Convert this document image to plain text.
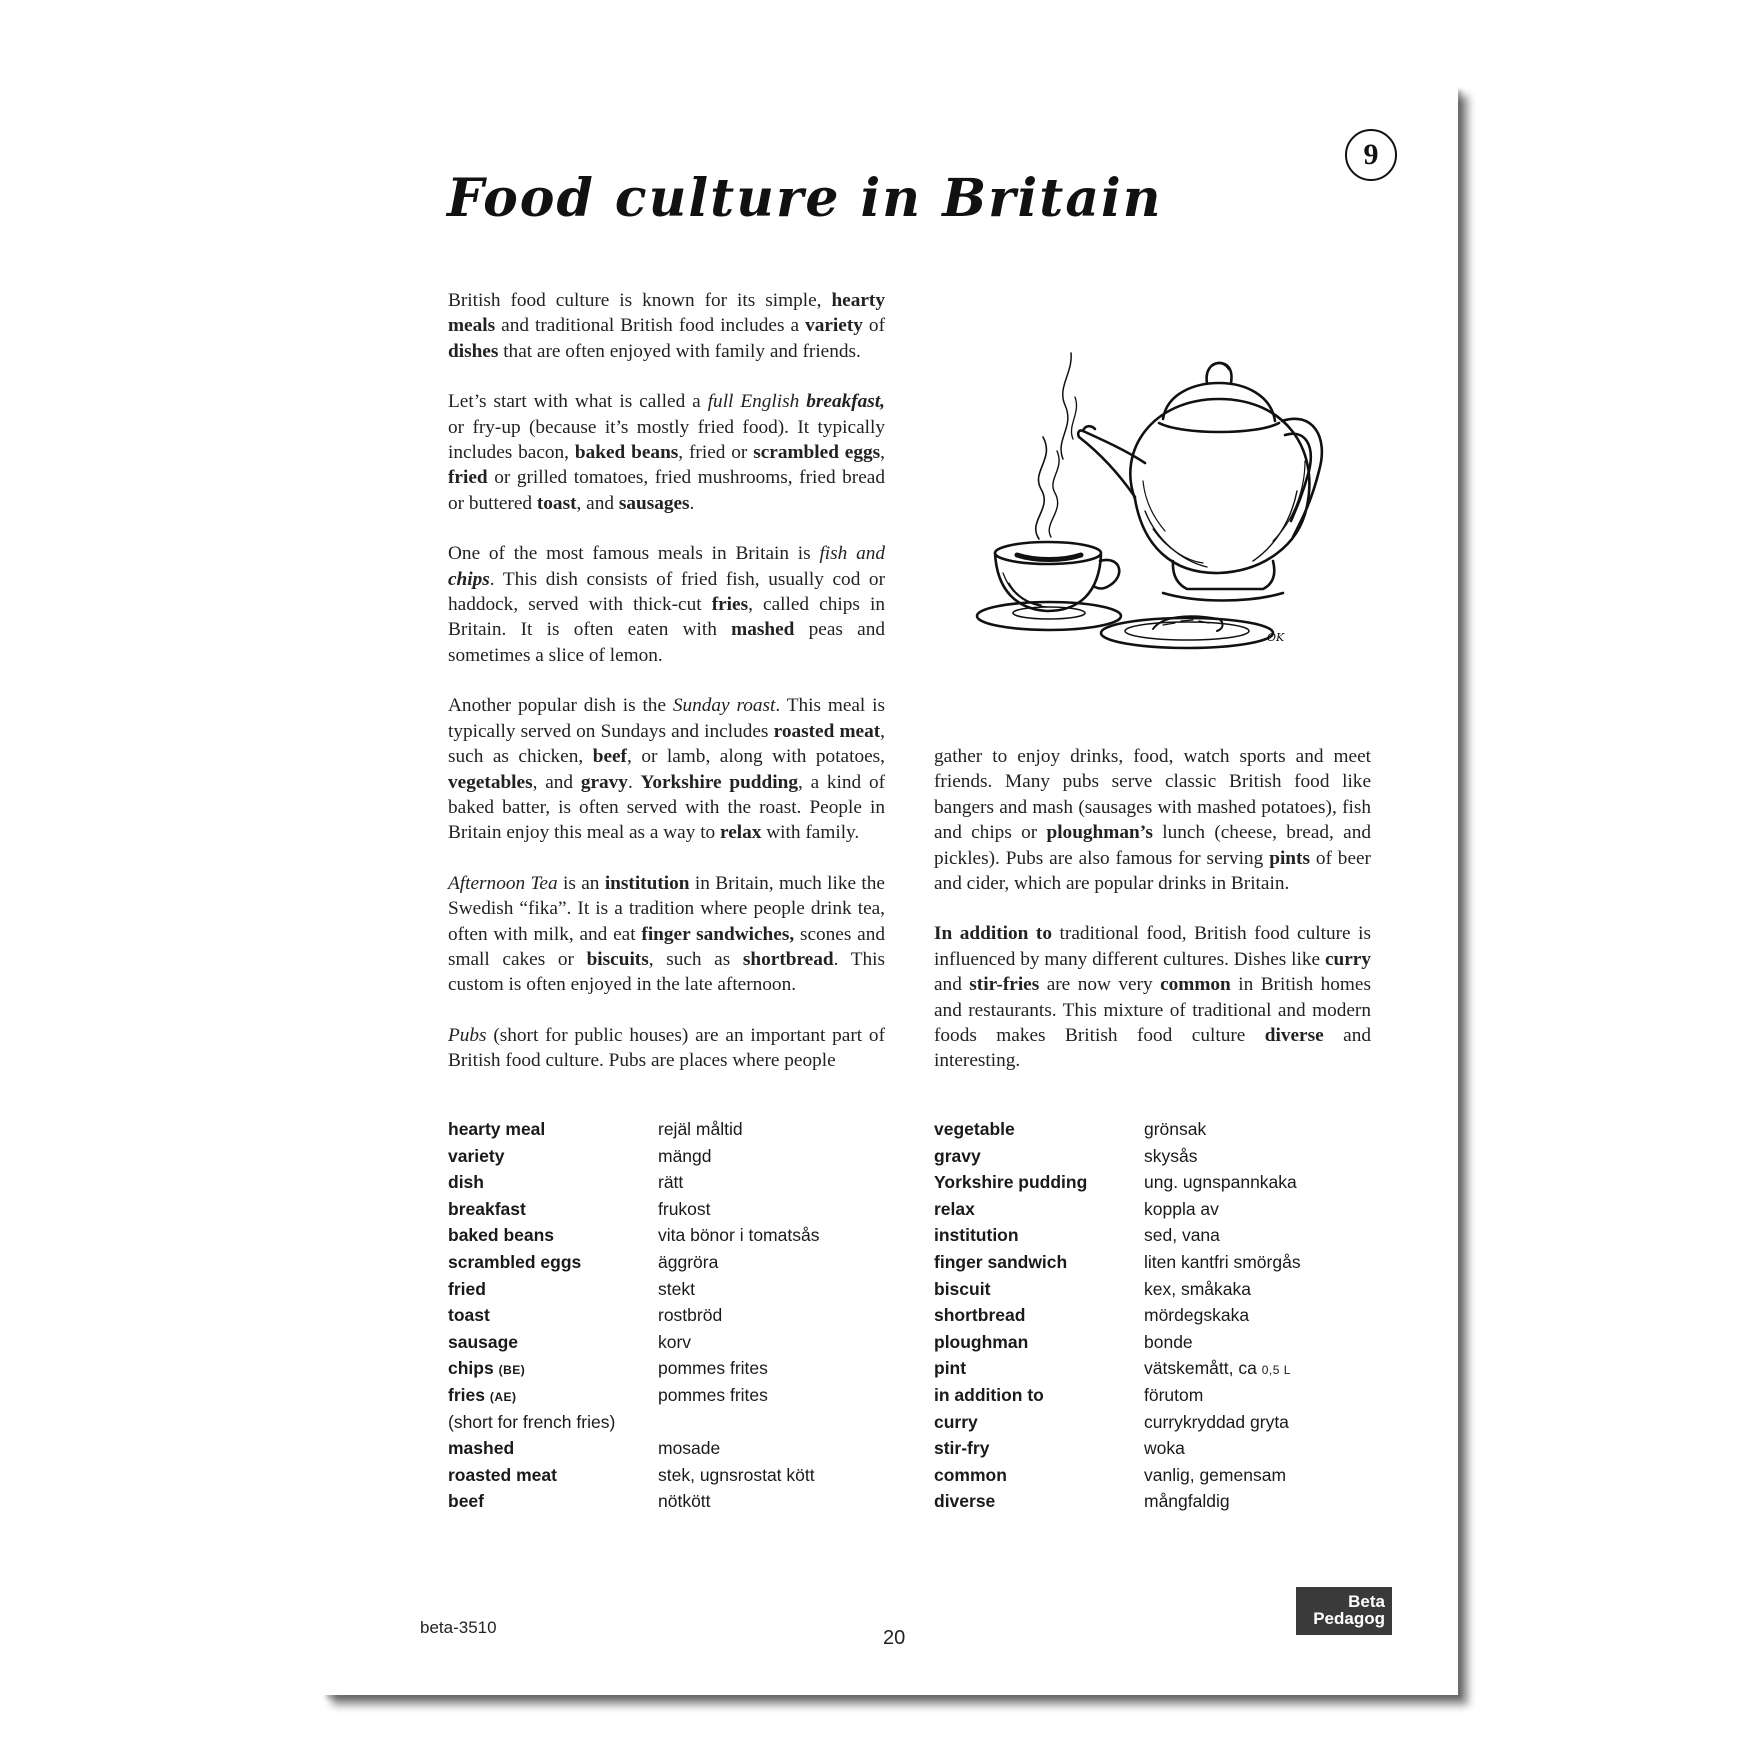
Food culture in Britain
9

British food culture is known for its simple, hearty meals and traditional British food includes a variety of dishes that are often enjoyed with family and friends.

Let’s start with what is called a full English breakfast, or fry-up (because it’s mostly fried food). It typically includes bacon, baked beans, fried or scrambled eggs, fried or grilled tomatoes, fried mushrooms, fried bread or buttered toast, and sausages.

One of the most famous meals in Britain is fish and chips. This dish consists of fried fish, usually cod or haddock, served with thick-cut fries, called chips in Britain. It is often eaten with mashed peas and sometimes a slice of lemon.

Another popular dish is the Sunday roast. This meal is typically served on Sundays and includes roasted meat, such as chicken, beef, or lamb, along with potatoes, vegetables, and gravy. Yorkshire pudding, a kind of baked batter, is often served with the roast. People in Britain enjoy this meal as a way to relax with family.

Afternoon Tea is an institution in Britain, much like the Swedish “fika”. It is a tradition where people drink tea, often with milk, and eat finger sandwiches, scones and small cakes or biscuits, such as shortbread. This custom is often enjoyed in the late afternoon.

Pubs (short for public houses) are an important part of British food culture. Pubs are places where people

OK

gather to enjoy drinks, food, watch sports and meet friends. Many pubs serve classic British food like bangers and mash (sausages with mashed potatoes), fish and chips or ploughman’s lunch (cheese, bread, and pickles). Pubs are also famous for serving pints of beer and cider, which are popular drinks in Britain.

In addition to traditional food, British food culture is influenced by many different cultures. Dishes like curry and stir-fries are now very common in British homes and restaurants. This mixture of traditional and modern foods makes British food culture diverse and interesting.

hearty meal	rejäl måltid
variety	mängd
dish	rätt
breakfast	frukost
baked beans	vita bönor i tomatsås
scrambled eggs	äggröra
fried	stekt
toast	rostbröd
sausage	korv
chips (BE)	pommes frites
fries (AE)	pommes frites
(short for french fries)
mashed	mosade
roasted meat	stek, ugnsrostat kött
beef	nötkött
vegetable	grönsak
gravy	skysås
Yorkshire pudding	ung. ugnspannkaka
relax	koppla av
institution	sed, vana
finger sandwich	liten kantfri smörgås
biscuit	kex, småkaka
shortbread	mördegskaka
ploughman	bonde
pint	vätskemått, ca 0,5 L
in addition to	förutom
curry	currykryddad gryta
stir-fry	woka
common	vanlig, gemensam
diverse	mångfaldig
beta-3510	20
Beta
Pedagog
